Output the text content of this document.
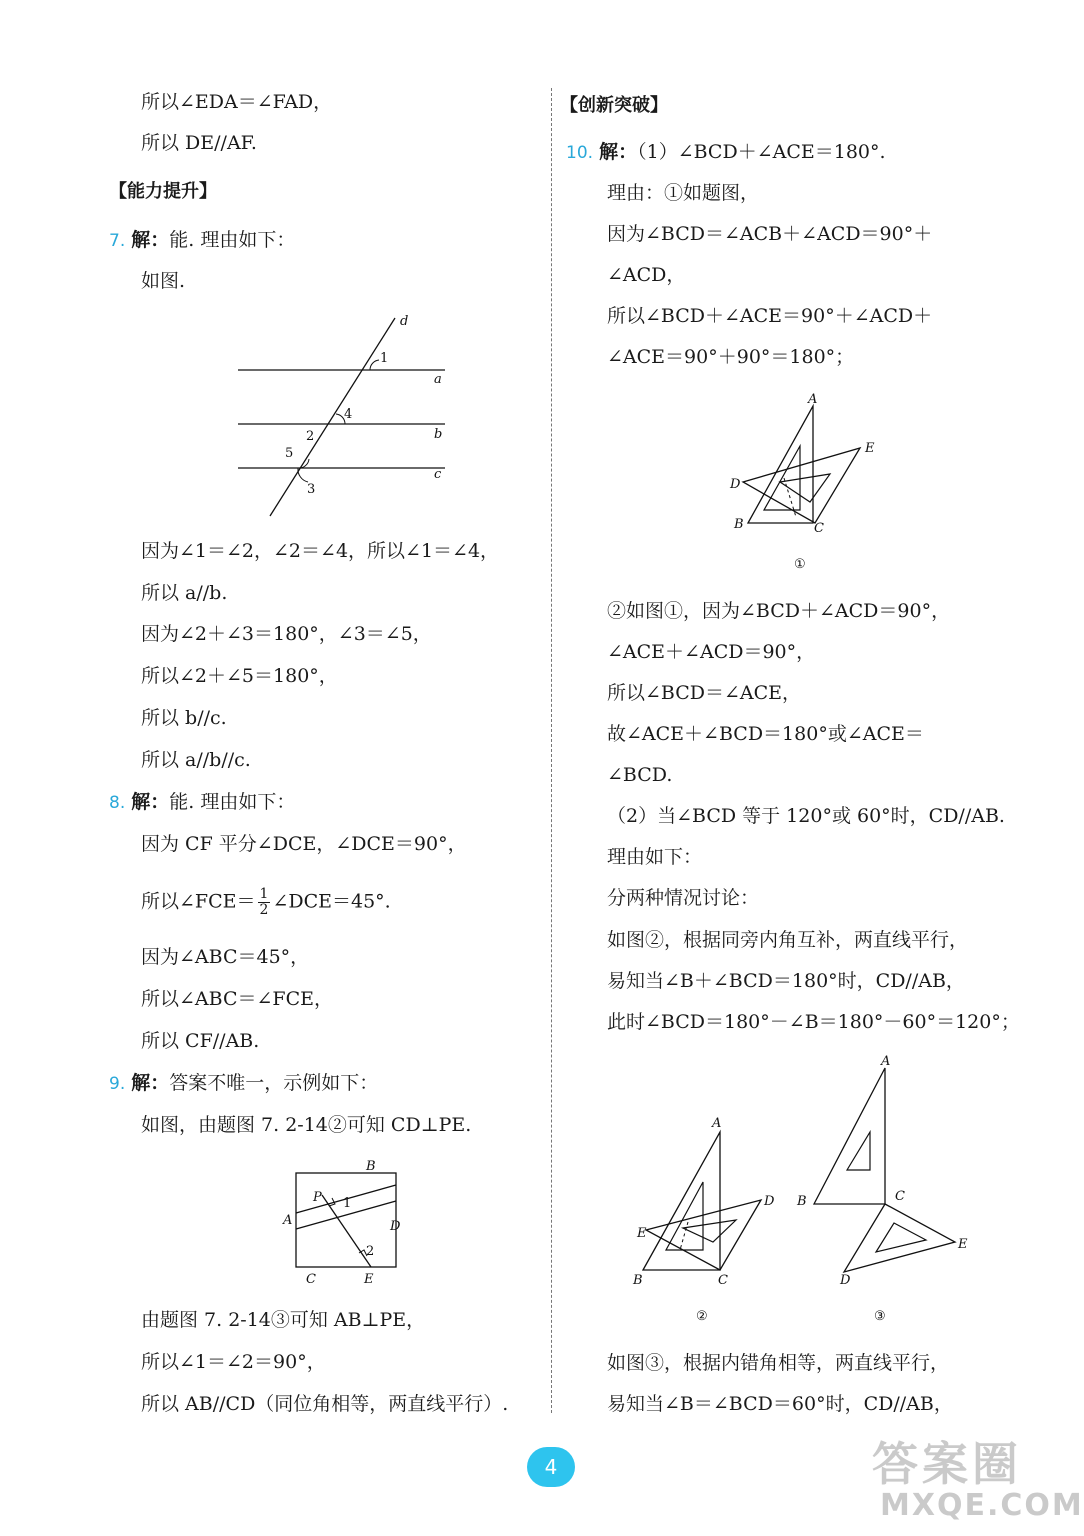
所以∠EDA＝∠FAD，
所以 DE//AF.
【能力提升】
7. 解：能. 理由如下：
如图.
d
1
a
4
2	b
5
c
3
因为∠1＝∠2，∠2＝∠4，所以∠1＝∠4，
所以 a//b.
因为∠2＋∠3＝180°，∠3＝∠5，
所以∠2＋∠5＝180°，
所以 b//c.
所以 a//b//c.
8. 解：能. 理由如下：
因为 CF 平分∠DCE，∠DCE＝90°，
所以∠FCE＝ $\frac{1}{2}$ ∠DCE＝45°.
因为∠ABC＝45°，
所以∠ABC＝∠FCE，
所以 CF//AB.
9. 解：答案不唯一，示例如下：
如图，由题图 7. 2-14②可知 CD⊥PE.
B
P 1
A	D
2
C	E
由题图 7. 2-14③可知 AB⊥PE，
所以∠1＝∠2＝90°，
所以 AB//CD（同位角相等，两直线平行）.
【创新突破】
10. 解：（1）∠BCD＋∠ACE＝180°.
理由：①如题图，
因为∠BCD＝∠ACB＋∠ACD＝90°＋
∠ACD，
所以∠BCD＋∠ACE＝90°＋∠ACD＋
∠ACE＝90°＋90°＝180°；
A
E
D
B	C
①
②如图①，因为∠BCD＋∠ACD＝90°，
∠ACE＋∠ACD＝90°，
所以∠BCD＝∠ACE，
故∠ACE＋∠BCD＝180°或∠ACE＝
∠BCD.
（2）当∠BCD 等于 120°或 60°时，CD//AB.
理由如下：
分两种情况讨论：
如图②，根据同旁内角互补，两直线平行，
易知当∠B＋∠BCD＝180°时，CD//AB，
此时∠BCD＝180°－∠B＝180°－60°＝120°；
A
D
E
B	C
②
A
B	C
E
D
③
如图③，根据内错角相等，两直线平行，
易知当∠B＝∠BCD＝60°时，CD//AB，
4	答案圈
MXQE.COM
